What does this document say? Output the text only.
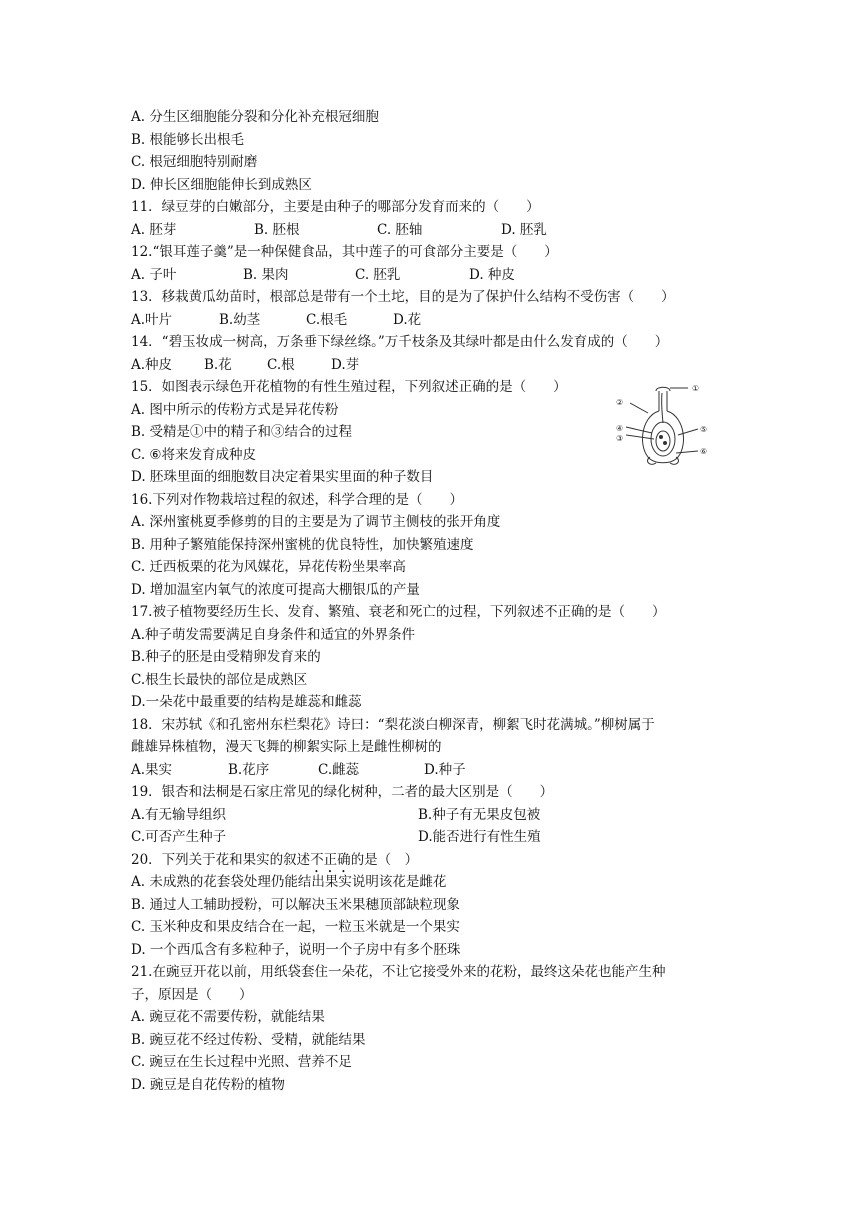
A. 分生区细胞能分裂和分化补充根冠细胞
B. 根能够长出根毛
C. 根冠细胞特别耐磨
D. 伸长区细胞能伸长到成熟区
11．绿豆芽的白嫩部分，主要是由种子的哪部分发育而来的（　　）
A. 胚芽	B. 胚根	C. 胚轴	D. 胚乳
12.“银耳莲子羹”是一种保健食品，其中莲子的可食部分主要是（　　）
A. 子叶	B. 果肉	C. 胚乳	D. 种皮
13．移栽黄瓜幼苗时，根部总是带有一个土坨，目的是为了保护什么结构不受伤害（　　）
A.叶片	B.幼茎	C.根毛	D.花
14．“碧玉妆成一树高，万条垂下绿丝绦。”万千枝条及其绿叶都是由什么发育成的（　　）
A.种皮 B.花	C.根	D.芽
15．如图表示绿色开花植物的有性生殖过程，下列叙述正确的是（　　）
A. 图中所示的传粉方式是异花传粉
B. 受精是①中的精子和③结合的过程
C. ⑥将来发育成种皮
D. 胚珠里面的细胞数目决定着果实里面的种子数目
①
②
③
④	⑤
⑥
16.下列对作物栽培过程的叙述，科学合理的是（　　）
A. 深州蜜桃夏季修剪的目的主要是为了调节主侧枝的张开角度
B. 用种子繁殖能保持深州蜜桃的优良特性，加快繁殖速度
C. 迁西板栗的花为风媒花，异花传粉坐果率高
D. 增加温室内氧气的浓度可提高大棚银瓜的产量
17.被子植物要经历生长、发育、繁殖、衰老和死亡的过程，下列叙述不正确的是（　　）
A.种子萌发需要满足自身条件和适宜的外界条件
B.种子的胚是由受精卵发育来的
C.根生长最快的部位是成熟区
D.一朵花中最重要的结构是雄蕊和雌蕊
18．宋苏轼《和孔密州东栏梨花》诗曰：“梨花淡白柳深青，柳絮飞时花满城。”柳树属于
雌雄异株植物，漫天飞舞的柳絮实际上是雌性柳树的
A.果实	B.花序	C.雌蕊	D.种子
19．银杏和法桐是石家庄常见的绿化树种，二者的最大区别是（　　）
A.有无输导组织	B.种子有无果皮包被
C.可否产生种子	D.能否进行有性生殖
20．下列关于花和果实的叙述不正确的是（　）
A. 未成熟的花套袋处理仍能结出果实说明该花是雌花
B. 通过人工辅助授粉，可以解决玉米果穗顶部缺粒现象
C. 玉米种皮和果皮结合在一起，一粒玉米就是一个果实
D. 一个西瓜含有多粒种子，说明一个子房中有多个胚珠
21.在豌豆开花以前，用纸袋套住一朵花，不让它接受外来的花粉，最终这朵花也能产生种
子，原因是（　　）
A. 豌豆花不需要传粉，就能结果
B. 豌豆花不经过传粉、受精，就能结果
C. 豌豆在生长过程中光照、营养不足
D. 豌豆是自花传粉的植物
